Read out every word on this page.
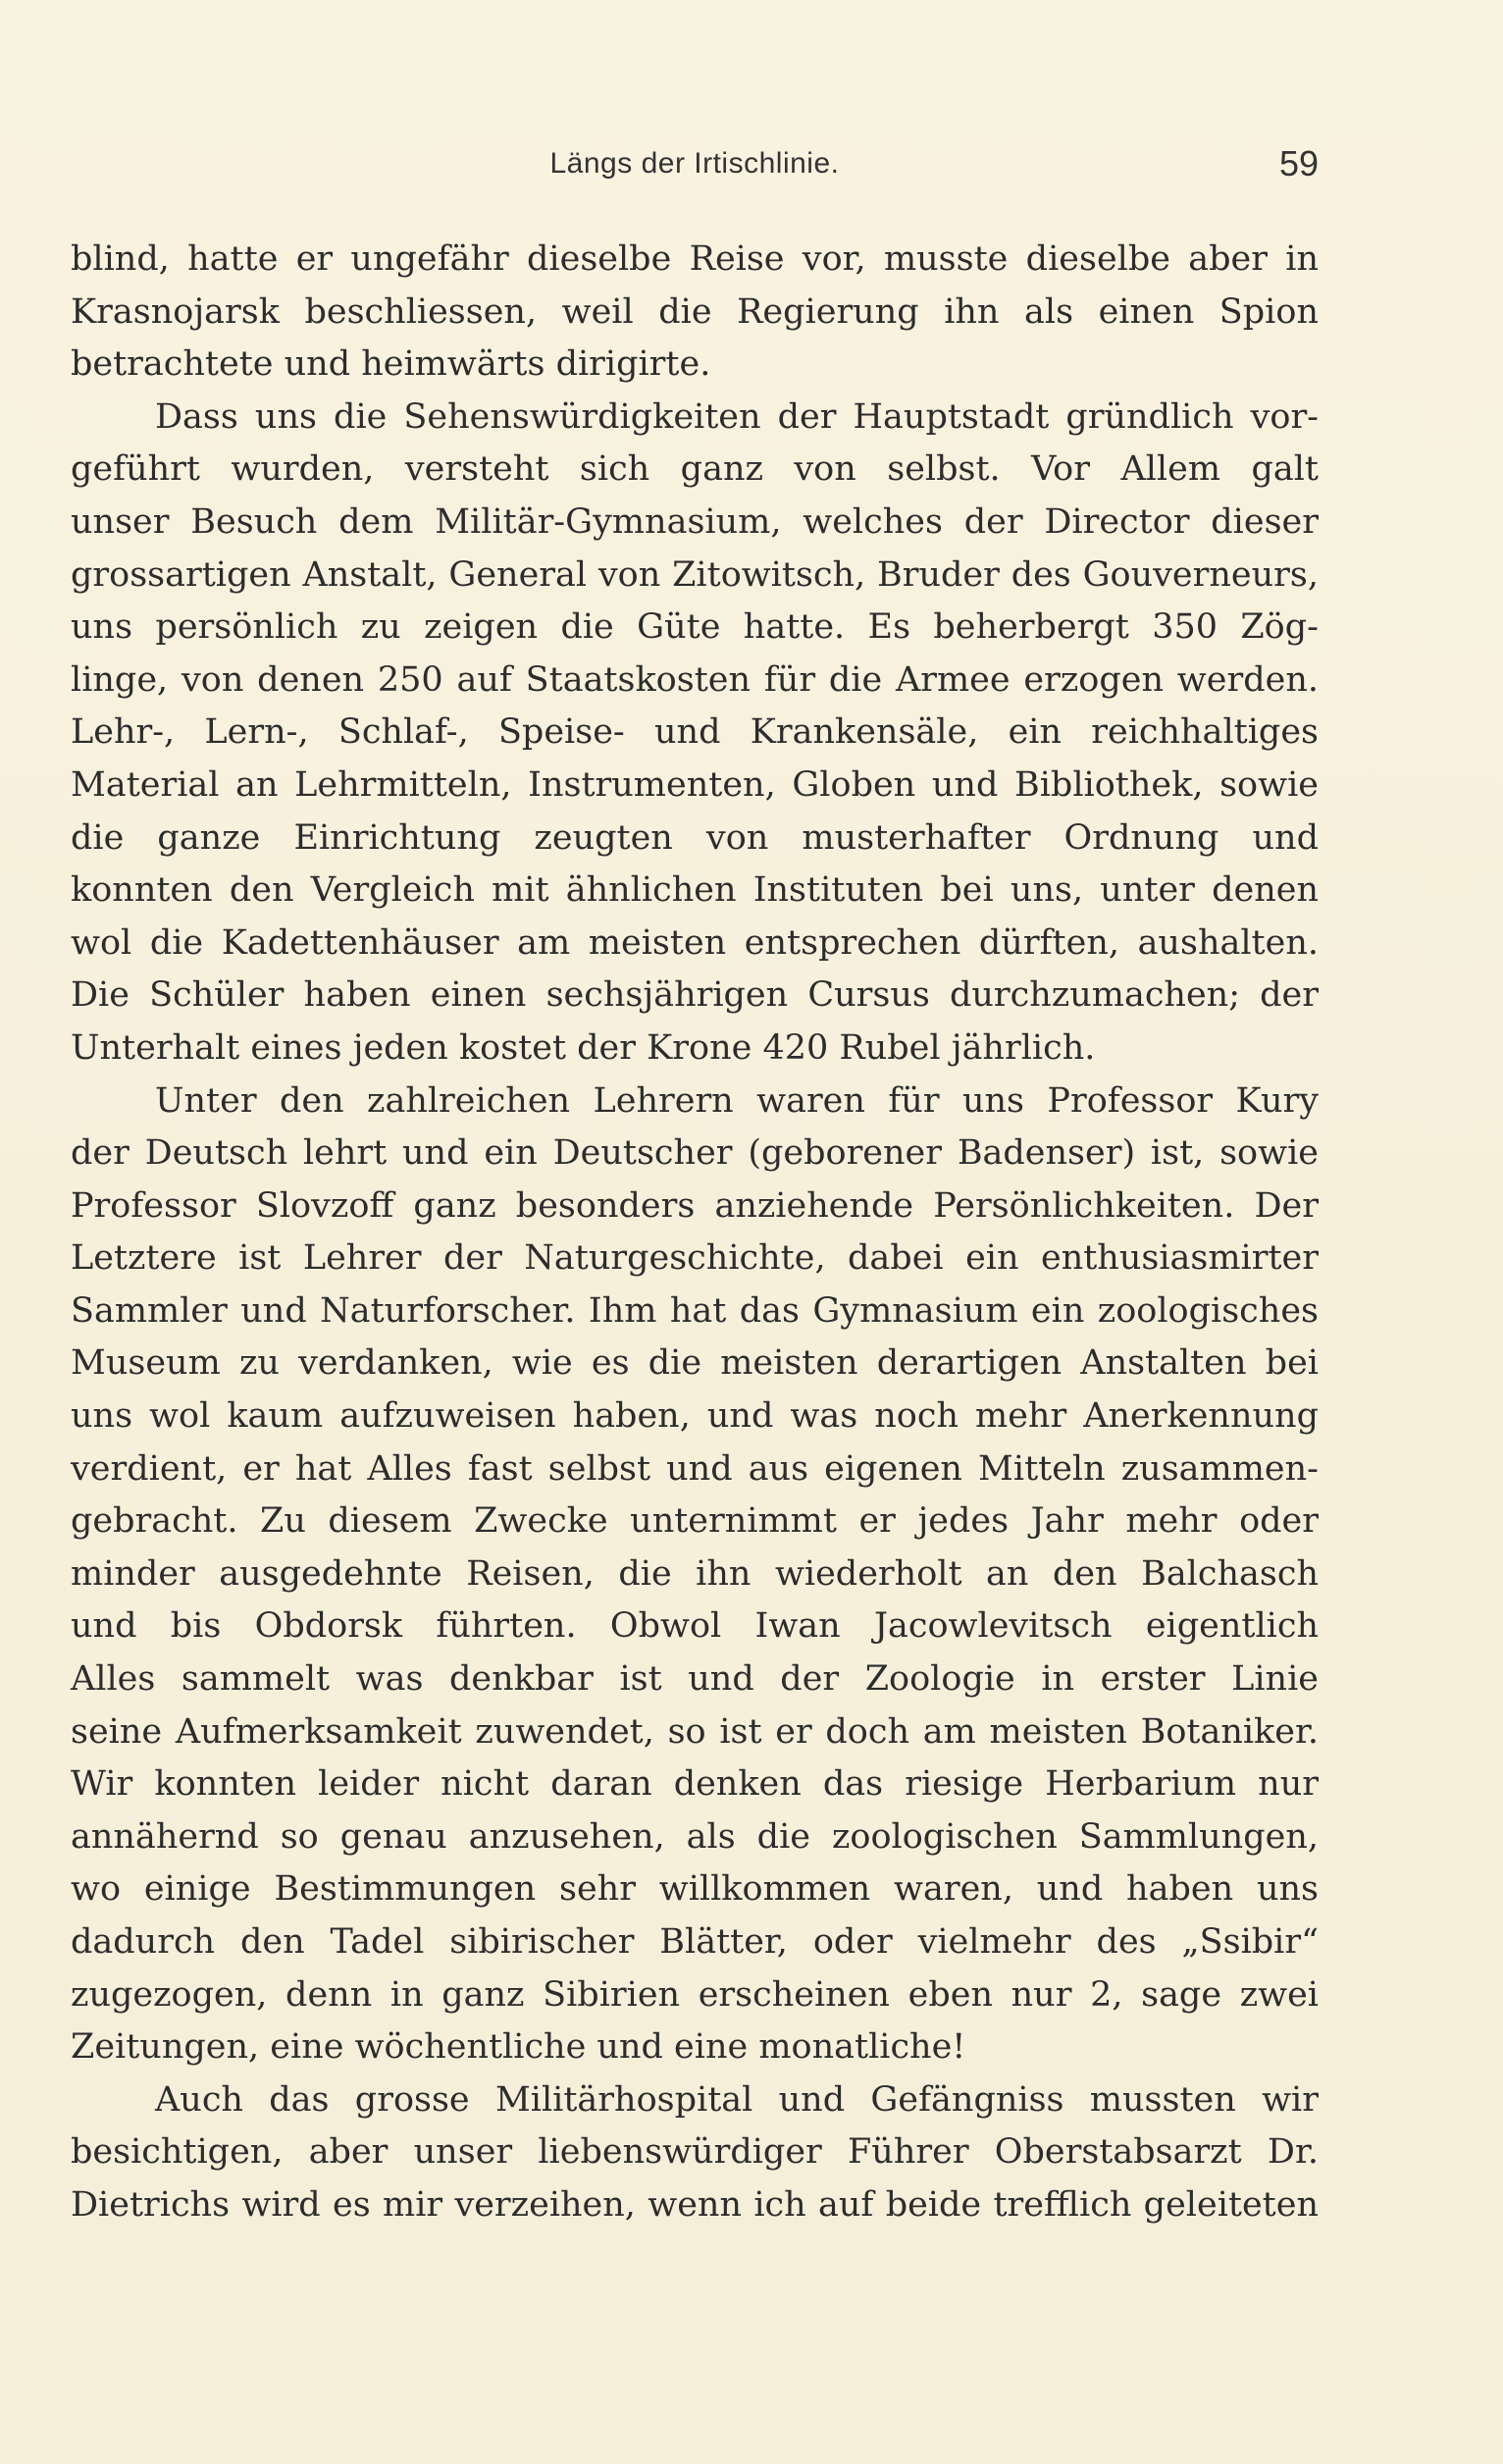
Längs der Irtischlinie.	59
blind, hatte er ungefähr dieselbe Reise vor, musste dieselbe aber in
Krasnojarsk beschliessen, weil die Regierung ihn als einen Spion
betrachtete und heimwärts dirigirte.
Dass uns die Sehenswürdigkeiten der Hauptstadt gründlich vor-
geführt wurden, versteht sich ganz von selbst. Vor Allem galt
unser Besuch dem Militär-Gymnasium, welches der Director dieser
grossartigen Anstalt, General von Zitowitsch, Bruder des Gouverneurs,
uns persönlich zu zeigen die Güte hatte. Es beherbergt 350 Zög-
linge, von denen 250 auf Staatskosten für die Armee erzogen werden.
Lehr-, Lern-, Schlaf-, Speise- und Krankensäle, ein reichhaltiges
Material an Lehrmitteln, Instrumenten, Globen und Bibliothek, sowie
die ganze Einrichtung zeugten von musterhafter Ordnung und
konnten den Vergleich mit ähnlichen Instituten bei uns, unter denen
wol die Kadettenhäuser am meisten entsprechen dürften, aushalten.
Die Schüler haben einen sechsjährigen Cursus durchzumachen; der
Unterhalt eines jeden kostet der Krone 420 Rubel jährlich.
Unter den zahlreichen Lehrern waren für uns Professor Kury
der Deutsch lehrt und ein Deutscher (geborener Badenser) ist, sowie
Professor Slovzoff ganz besonders anziehende Persönlichkeiten. Der
Letztere ist Lehrer der Naturgeschichte, dabei ein enthusiasmirter
Sammler und Naturforscher. Ihm hat das Gymnasium ein zoologisches
Museum zu verdanken, wie es die meisten derartigen Anstalten bei
uns wol kaum aufzuweisen haben, und was noch mehr Anerkennung
verdient, er hat Alles fast selbst und aus eigenen Mitteln zusammen-
gebracht. Zu diesem Zwecke unternimmt er jedes Jahr mehr oder
minder ausgedehnte Reisen, die ihn wiederholt an den Balchasch
und bis Obdorsk führten. Obwol Iwan Jacowlevitsch eigentlich
Alles sammelt was denkbar ist und der Zoologie in erster Linie
seine Aufmerksamkeit zuwendet, so ist er doch am meisten Botaniker.
Wir konnten leider nicht daran denken das riesige Herbarium nur
annähernd so genau anzusehen, als die zoologischen Sammlungen,
wo einige Bestimmungen sehr willkommen waren, und haben uns
dadurch den Tadel sibirischer Blätter, oder vielmehr des „Ssibir“
zugezogen, denn in ganz Sibirien erscheinen eben nur 2, sage zwei
Zeitungen, eine wöchentliche und eine monatliche!
Auch das grosse Militärhospital und Gefängniss mussten wir
besichtigen, aber unser liebenswürdiger Führer Oberstabsarzt Dr.
Dietrichs wird es mir verzeihen, wenn ich auf beide trefflich geleiteten
